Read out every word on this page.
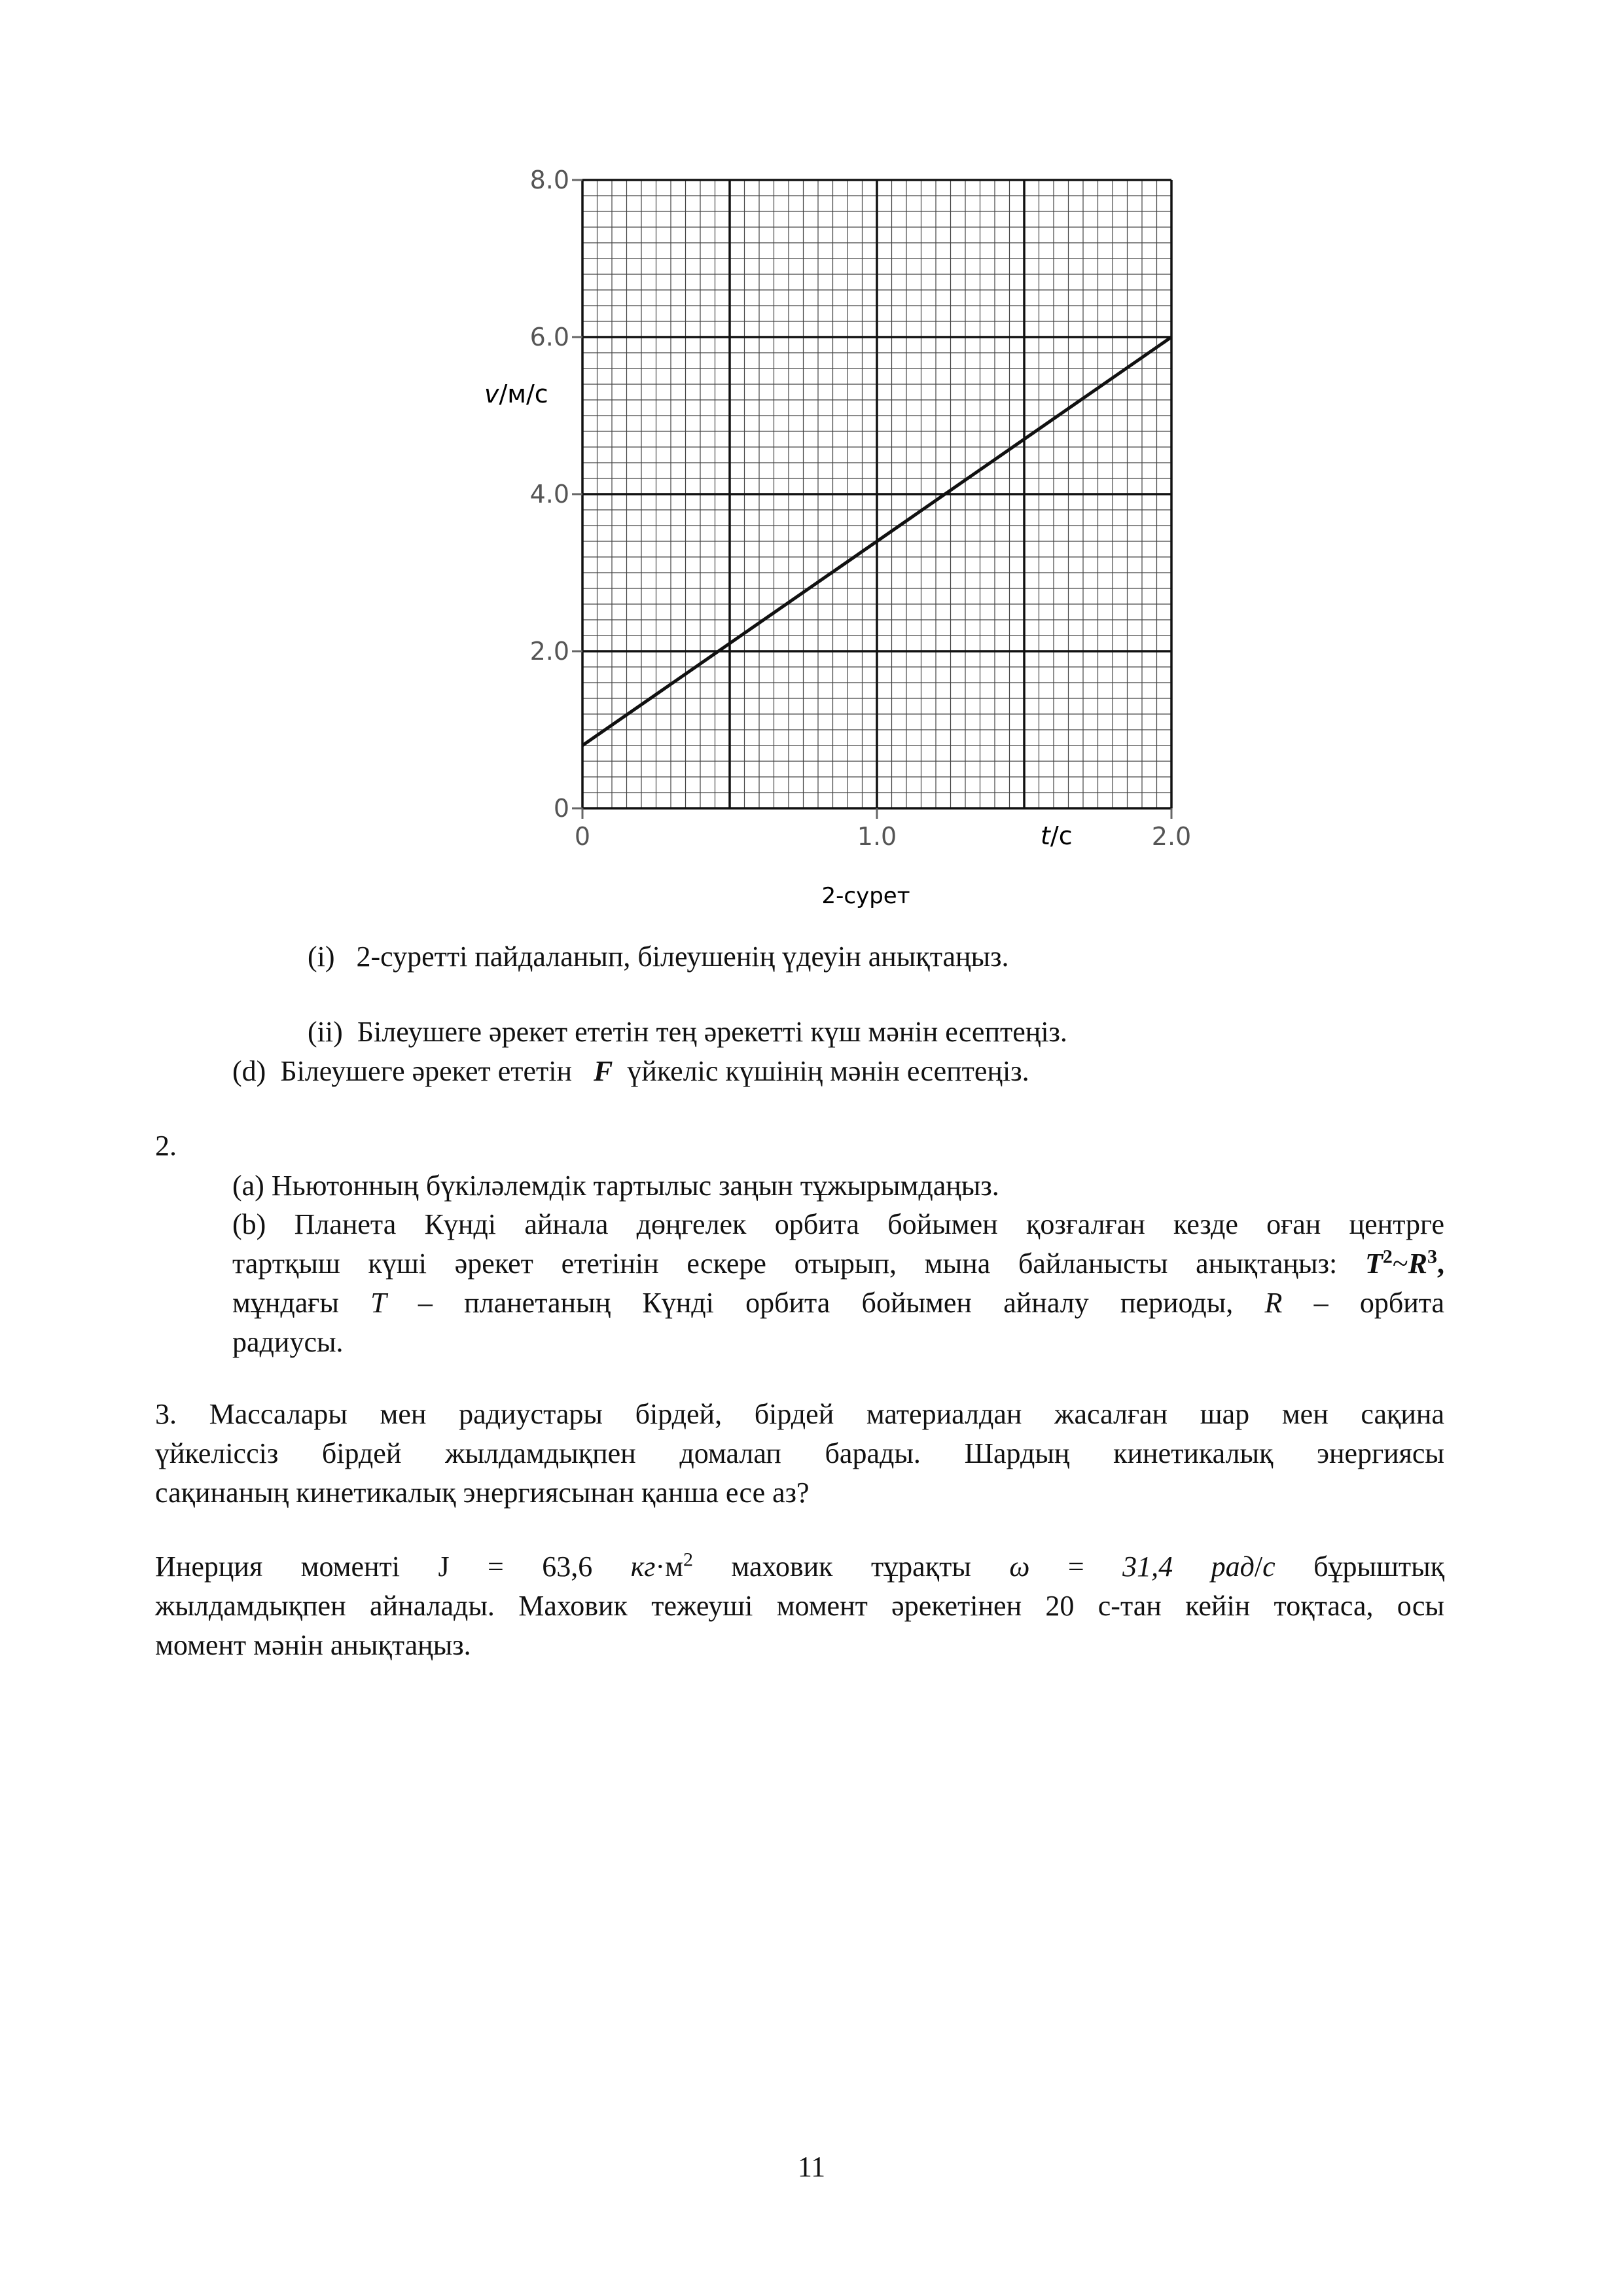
0
2.0
4.0
6.0
8.0
0	1.0	2.0
v/м/с
t/с
2-сурет
(i) 2-суретті пайдаланып, білеушенің үдеуін анықтаңыз.
(ii) Білеушеге әрекет ететін тең әрекетті күш мәнін есептеңіз.
(d) Білеушеге әрекет ететін F үйкеліс күшінің мәнін есептеңіз.
2.
(a) Ньютонның бүкіләлемдік тартылыс заңын тұжырымдаңыз.
(b) Планета Күнді айнала дөңгелек орбита бойымен қозғалған кезде оған центрге
тартқыш күші әрекет ететінін ескере отырып, мына байланысты анықтаңыз: $T^2\sim R^3$,
мұндағы T – планетаның Күнді орбита бойымен айналу периоды, R – орбита
радиусы.
3. Массалары мен радиустары бірдей, бірдей материалдан жасалған шар мен сақина
үйкеліссіз бірдей жылдамдықпен домалап барады. Шардың кинетикалық энергиясы
сақинаның кинетикалық энергиясынан қанша есе аз?
Инерция моменті J = 63,6 $кг\cdot м^2$ маховик тұрақты ω = 31,4 рад/с бұрыштық
жылдамдықпен айналады. Маховик тежеуші момент әрекетінен 20 с-тан кейін тоқтаса, осы
момент мәнін анықтаңыз.
11
